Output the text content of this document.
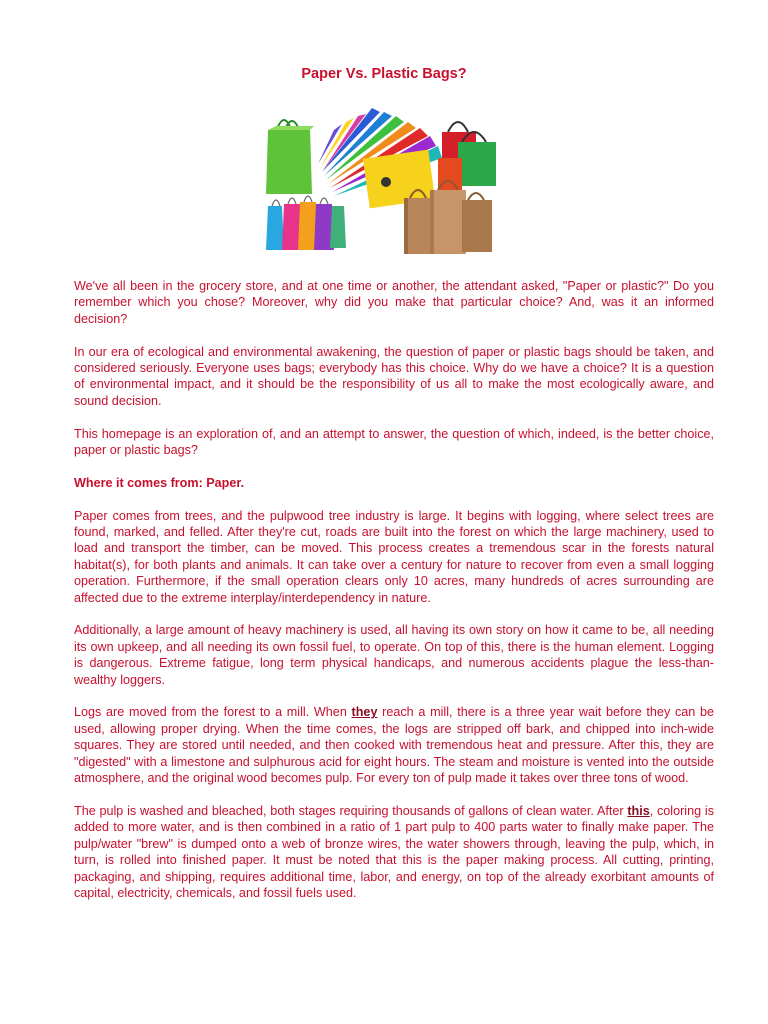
Paper Vs. Plastic Bags?

We've all been in the grocery store, and at one time or another, the attendant asked, "Paper or plastic?" Do you remember which you chose? Moreover, why did you make that particular choice? And, was it an informed decision?

In our era of ecological and environmental awakening, the question of paper or plastic bags should be taken, and considered seriously. Everyone uses bags; everybody has this choice. Why do we have a choice? It is a question of environmental impact, and it should be the responsibility of us all to make the most ecologically aware, and sound decision.

This homepage is an exploration of, and an attempt to answer, the question of which, indeed, is the better choice, paper or plastic bags?

Where it comes from: Paper.

Paper comes from trees, and the pulpwood tree industry is large. It begins with logging, where select trees are found, marked, and felled. After they're cut, roads are built into the forest on which the large machinery, used to load and transport the timber, can be moved. This process creates a tremendous scar in the forests natural habitat(s), for both plants and animals. It can take over a century for nature to recover from even a small logging operation. Furthermore, if the small operation clears only 10 acres, many hundreds of acres surrounding are affected due to the extreme interplay/interdependency in nature.

Additionally, a large amount of heavy machinery is used, all having its own story on how it came to be, all needing its own upkeep, and all needing its own fossil fuel, to operate. On top of this, there is the human element. Logging is dangerous. Extreme fatigue, long term physical handicaps, and numerous accidents plague the less-than-wealthy loggers.

Logs are moved from the forest to a mill. When they reach a mill, there is a three year wait before they can be used, allowing proper drying. When the time comes, the logs are stripped off bark, and chipped into inch-wide squares. They are stored until needed, and then cooked with tremendous heat and pressure. After this, they are "digested" with a limestone and sulphurous acid for eight hours. The steam and moisture is vented into the outside atmosphere, and the original wood becomes pulp. For every ton of pulp made it takes over three tons of wood.

The pulp is washed and bleached, both stages requiring thousands of gallons of clean water. After this, coloring is added to more water, and is then combined in a ratio of 1 part pulp to 400 parts water to finally make paper. The pulp/water "brew" is dumped onto a web of bronze wires, the water showers through, leaving the pulp, which, in turn, is rolled into finished paper. It must be noted that this is the paper making process. All cutting, printing, packaging, and shipping, requires additional time, labor, and energy, on top of the already exorbitant amounts of capital, electricity, chemicals, and fossil fuels used.
